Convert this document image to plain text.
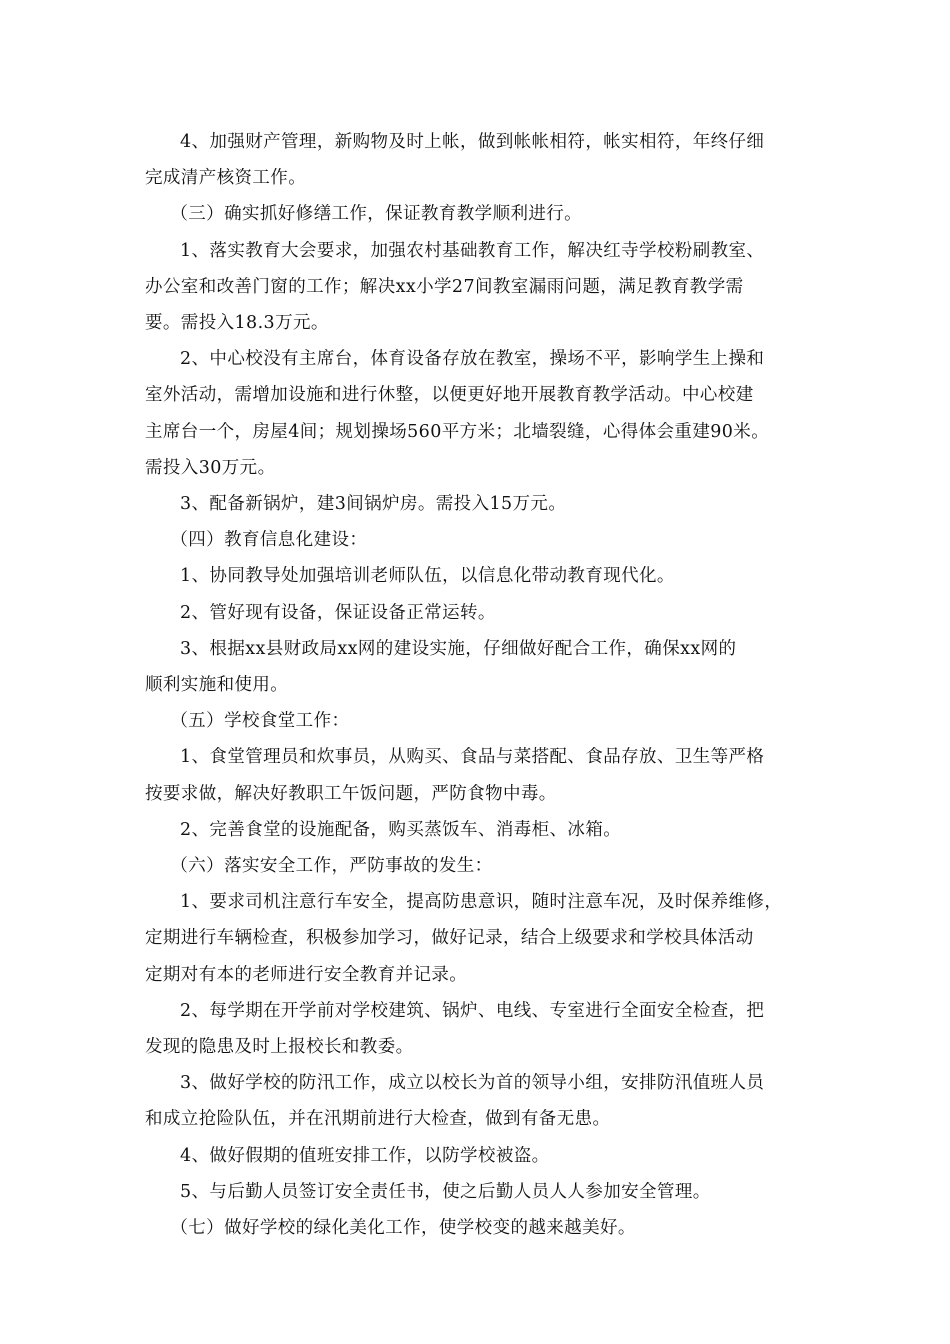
4、加强财产管理，新购物及时上帐，做到帐帐相符，帐实相符，年终仔细
完成清产核资工作。

（三）确实抓好修缮工作，保证教育教学顺利进行。

1、落实教育大会要求，加强农村基础教育工作，解决红寺学校粉刷教室、
办公室和改善门窗的工作；解决xx小学27间教室漏雨问题，满足教育教学需
要。需投入18.3万元。

2、中心校没有主席台，体育设备存放在教室，操场不平，影响学生上操和
室外活动，需增加设施和进行休整，以便更好地开展教育教学活动。中心校建
主席台一个，房屋4间；规划操场560平方米；北墙裂缝，心得体会重建90米。
需投入30万元。

3、配备新锅炉，建3间锅炉房。需投入15万元。

（四）教育信息化建设：

1、协同教导处加强培训老师队伍，以信息化带动教育现代化。

2、管好现有设备，保证设备正常运转。

3、根据xx县财政局xx网的建设实施，仔细做好配合工作，确保xx网的
顺利实施和使用。

（五）学校食堂工作：

1、食堂管理员和炊事员，从购买、食品与菜搭配、食品存放、卫生等严格
按要求做，解决好教职工午饭问题，严防食物中毒。

2、完善食堂的设施配备，购买蒸饭车、消毒柜、冰箱。

（六）落实安全工作，严防事故的发生：

1、要求司机注意行车安全，提高防患意识，随时注意车况，及时保养维修，
定期进行车辆检查，积极参加学习，做好记录，结合上级要求和学校具体活动
定期对有本的老师进行安全教育并记录。

2、每学期在开学前对学校建筑、锅炉、电线、专室进行全面安全检查，把
发现的隐患及时上报校长和教委。

3、做好学校的防汛工作，成立以校长为首的领导小组，安排防汛值班人员
和成立抢险队伍，并在汛期前进行大检查，做到有备无患。

4、做好假期的值班安排工作，以防学校被盗。

5、与后勤人员签订安全责任书，使之后勤人员人人参加安全管理。

（七）做好学校的绿化美化工作，使学校变的越来越美好。
